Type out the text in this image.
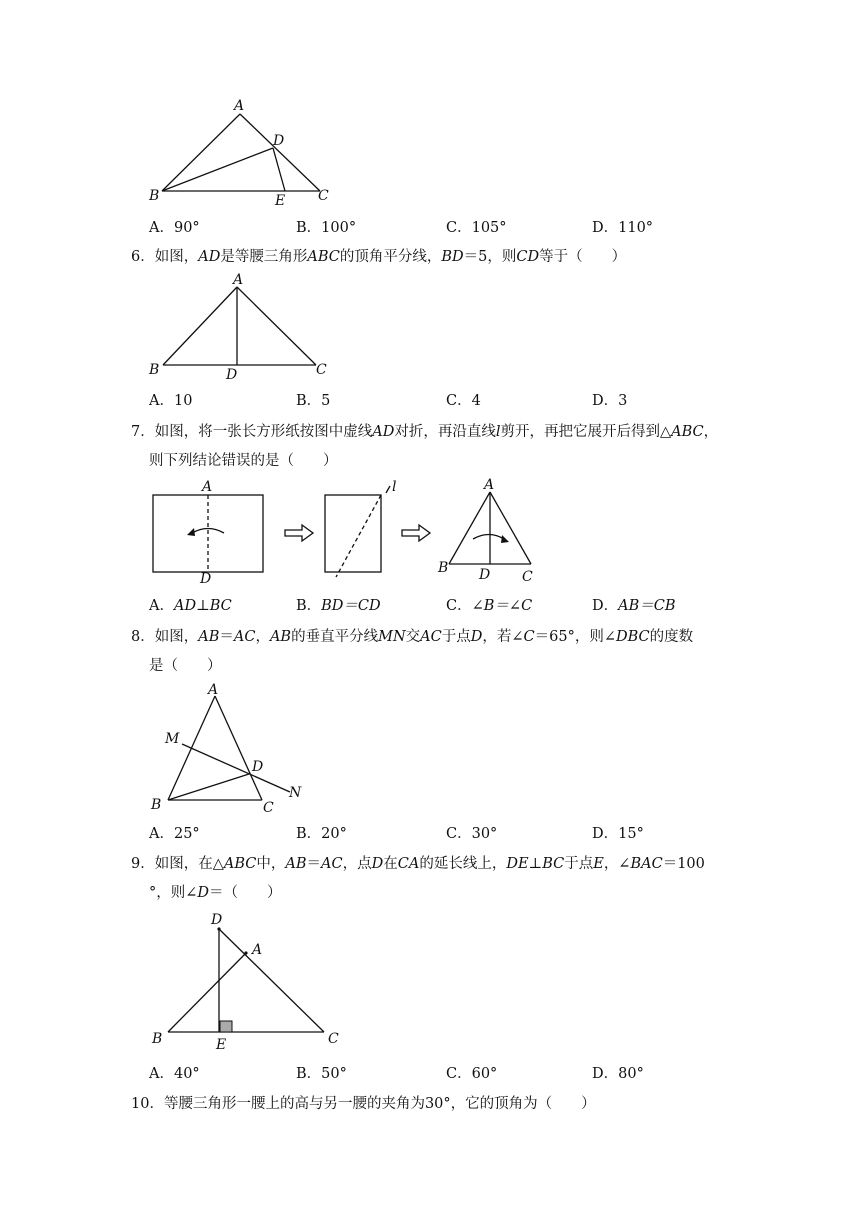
A
B	C
D
E
A．90°	B．100°	C．105°	D．110°
6．如图，AD是等腰三角形ABC的顶角平分线，BD＝5，则CD等于（　　）
A
B	D	C
A．10	B．5	C．4	D．3
7．如图，将一张长方形纸按图中虚线AD对折，再沿直线l剪开，再把它展开后得到△ABC，
则下列结论错误的是（　　）
A
D
l	A
B D C
A．AD⊥BC	B．BD＝CD	C．∠B＝∠C	D．AB＝CB
8．如图，AB＝AC，AB的垂直平分线MN交AC于点D，若∠C＝65°，则∠DBC的度数
是（　　）
A
M
D
N
B	C
A．25°	B．20°	C．30°	D．15°
9．如图，在△ABC中，AB＝AC，点D在CA的延长线上，DE⊥BC于点E，∠BAC＝100
°，则∠D＝（　　）
D
A
B	E	C
A．40°	B．50°	C．60°	D．80°
10．等腰三角形一腰上的高与另一腰的夹角为30°，它的顶角为（　　）
